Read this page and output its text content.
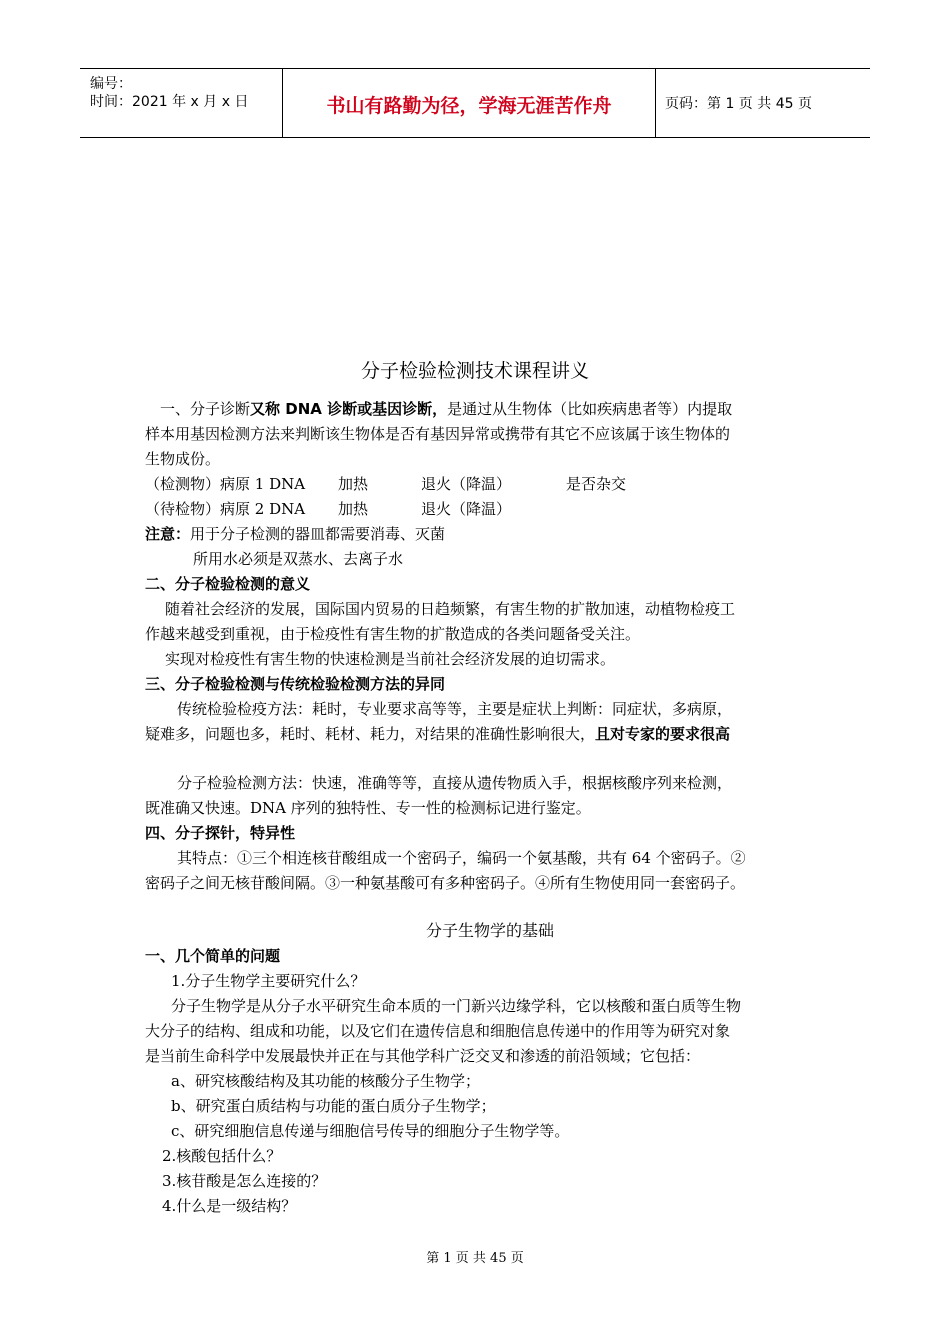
编号：
时间：2021 年 x 月 x 日	书山有路勤为径，学海无涯苦作舟	页码：第 1 页 共 45 页
分子检验检测技术课程讲义
一、分子诊断又称 DNA 诊断或基因诊断，是通过从生物体（比如疾病患者等）内提取
样本用基因检测方法来判断该生物体是否有基因异常或携带有其它不应该属于该生物体的
生物成份。
（检测物）病原 1 DNA 加热	退火（降温）	是否杂交
（待检物）病原 2 DNA 加热	退火（降温）
注意：用于分子检测的器皿都需要消毒、灭菌
所用水必须是双蒸水、去离子水
二、分子检验检测的意义
随着社会经济的发展，国际国内贸易的日趋频繁，有害生物的扩散加速，动植物检疫工
作越来越受到重视，由于检疫性有害生物的扩散造成的各类问题备受关注。
实现对检疫性有害生物的快速检测是当前社会经济发展的迫切需求。
三、分子检验检测与传统检验检测方法的异同
传统检验检疫方法：耗时，专业要求高等等，主要是症状上判断：同症状，多病原，
疑难多，问题也多，耗时、耗材、耗力，对结果的准确性影响很大，且对专家的要求很高
分子检验检测方法：快速，准确等等，直接从遗传物质入手，根据核酸序列来检测，
既准确又快速。DNA 序列的独特性、专一性的检测标记进行鉴定。
四、分子探针，特异性
其特点：①三个相连核苷酸组成一个密码子，编码一个氨基酸，共有 64 个密码子。②
密码子之间无核苷酸间隔。③一种氨基酸可有多种密码子。④所有生物使用同一套密码子。
分子生物学的基础
一、几个简单的问题
1.分子生物学主要研究什么？
分子生物学是从分子水平研究生命本质的一门新兴边缘学科，它以核酸和蛋白质等生物
大分子的结构、组成和功能，以及它们在遗传信息和细胞信息传递中的作用等为研究对象
是当前生命科学中发展最快并正在与其他学科广泛交叉和渗透的前沿领域；它包括：
a、研究核酸结构及其功能的核酸分子生物学；
b、研究蛋白质结构与功能的蛋白质分子生物学；
c、研究细胞信息传递与细胞信号传导的细胞分子生物学等。
2.核酸包括什么？
3.核苷酸是怎么连接的？
4.什么是一级结构？
第 1 页 共 45 页
